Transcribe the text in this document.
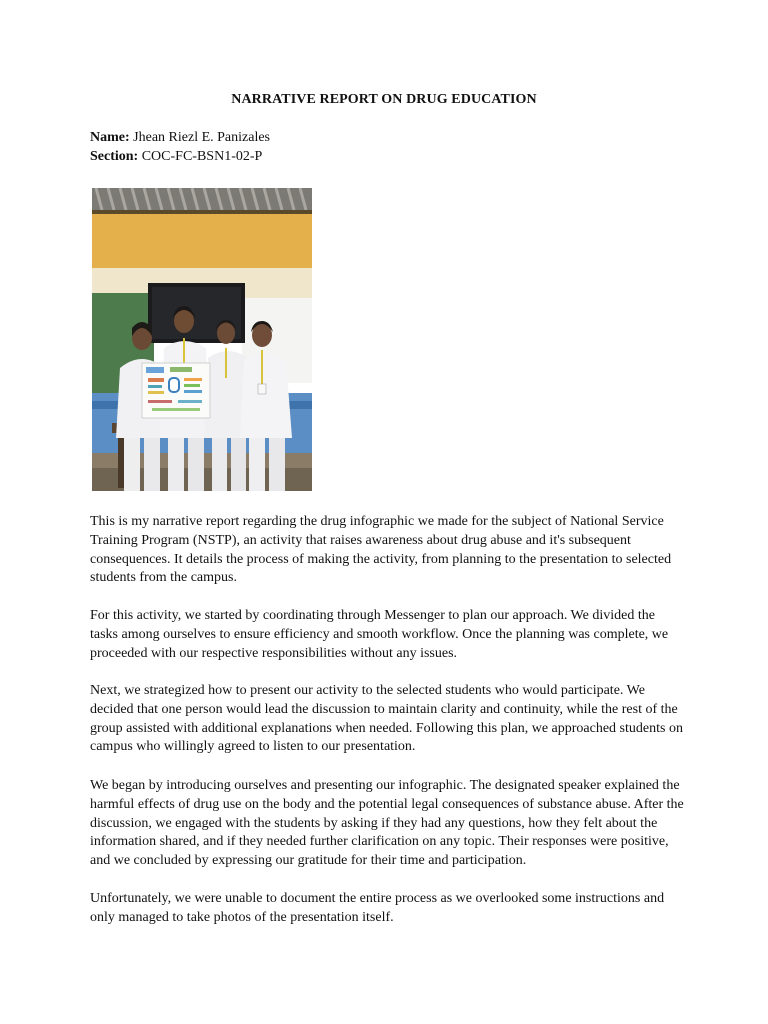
NARRATIVE REPORT ON DRUG EDUCATION
Name: Jhean Riezl E. Panizales
Section: COC-FC-BSN1-02-P

This is my narrative report regarding the drug infographic we made for the subject of National Service Training Program (NSTP), an activity that raises awareness about drug abuse and it's subsequent consequences. It details the process of making the activity, from planning to the presentation to selected students from the campus.

For this activity, we started by coordinating through Messenger to plan our approach. We divided the tasks among ourselves to ensure efficiency and smooth workflow. Once the planning was complete, we proceeded with our respective responsibilities without any issues.

Next, we strategized how to present our activity to the selected students who would participate. We decided that one person would lead the discussion to maintain clarity and continuity, while the rest of the group assisted with additional explanations when needed. Following this plan, we approached students on campus who willingly agreed to listen to our presentation.

We began by introducing ourselves and presenting our infographic. The designated speaker explained the harmful effects of drug use on the body and the potential legal consequences of substance abuse. After the discussion, we engaged with the students by asking if they had any questions, how they felt about the information shared, and if they needed further clarification on any topic. Their responses were positive, and we concluded by expressing our gratitude for their time and participation.

Unfortunately, we were unable to document the entire process as we overlooked some instructions and only managed to take photos of the presentation itself.
